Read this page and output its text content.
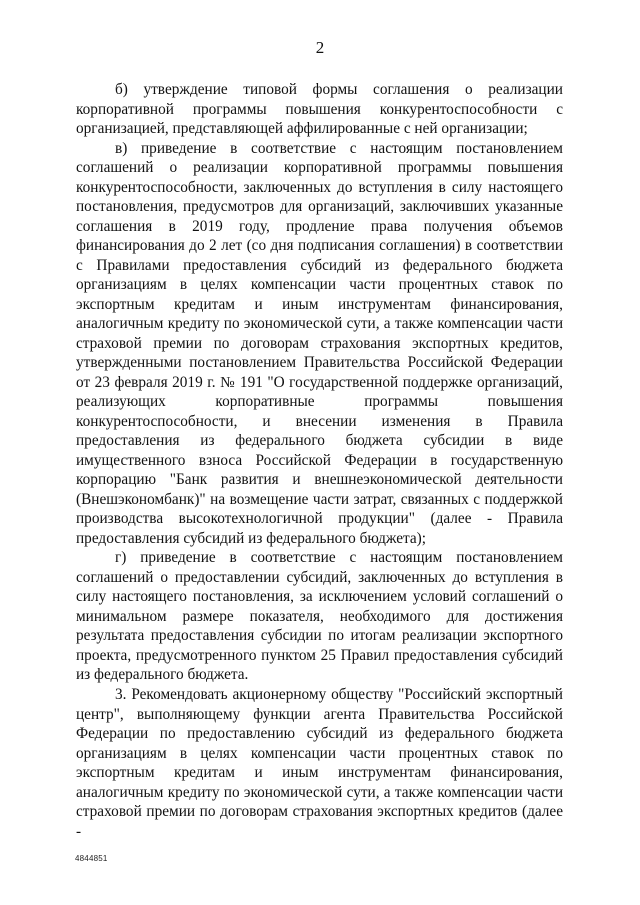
2

б) утверждение типовой формы соглашения о реализации корпоративной программы повышения конкурентоспособности с организацией, представляющей аффилированные с ней организации;

в) приведение в соответствие с настоящим постановлением соглашений о реализации корпоративной программы повышения конкурентоспособности, заключенных до вступления в силу настоящего постановления, предусмотров для организаций, заключивших указанные соглашения в 2019 году, продление права получения объемов финансирования до 2 лет (со дня подписания соглашения) в соответствии с Правилами предоставления субсидий из федерального бюджета организациям в целях компенсации части процентных ставок по экспортным кредитам и иным инструментам финансирования, аналогичным кредиту по экономической сути, а также компенсации части страховой премии по договорам страхования экспортных кредитов, утвержденными постановлением Правительства Российской Федерации от 23 февраля 2019 г. № 191 "О государственной поддержке организаций, реализующих корпоративные программы повышения конкурентоспособности, и внесении изменения в Правила предоставления из федерального бюджета субсидии в виде имущественного взноса Российской Федерации в государственную корпорацию "Банк развития и внешнеэкономической деятельности (Внешэкономбанк)" на возмещение части затрат, связанных с поддержкой производства высокотехнологичной продукции" (далее - Правила предоставления субсидий из федерального бюджета);

г) приведение в соответствие с настоящим постановлением соглашений о предоставлении субсидий, заключенных до вступления в силу настоящего постановления, за исключением условий соглашений о минимальном размере показателя, необходимого для достижения результата предоставления субсидии по итогам реализации экспортного проекта, предусмотренного пунктом 25 Правил предоставления субсидий из федерального бюджета.

3. Рекомендовать акционерному обществу "Российский экспортный центр", выполняющему функции агента Правительства Российской Федерации по предоставлению субсидий из федерального бюджета организациям в целях компенсации части процентных ставок по экспортным кредитам и иным инструментам финансирования, аналогичным кредиту по экономической сути, а также компенсации части страховой премии по договорам страхования экспортных кредитов (далее -

4844851
